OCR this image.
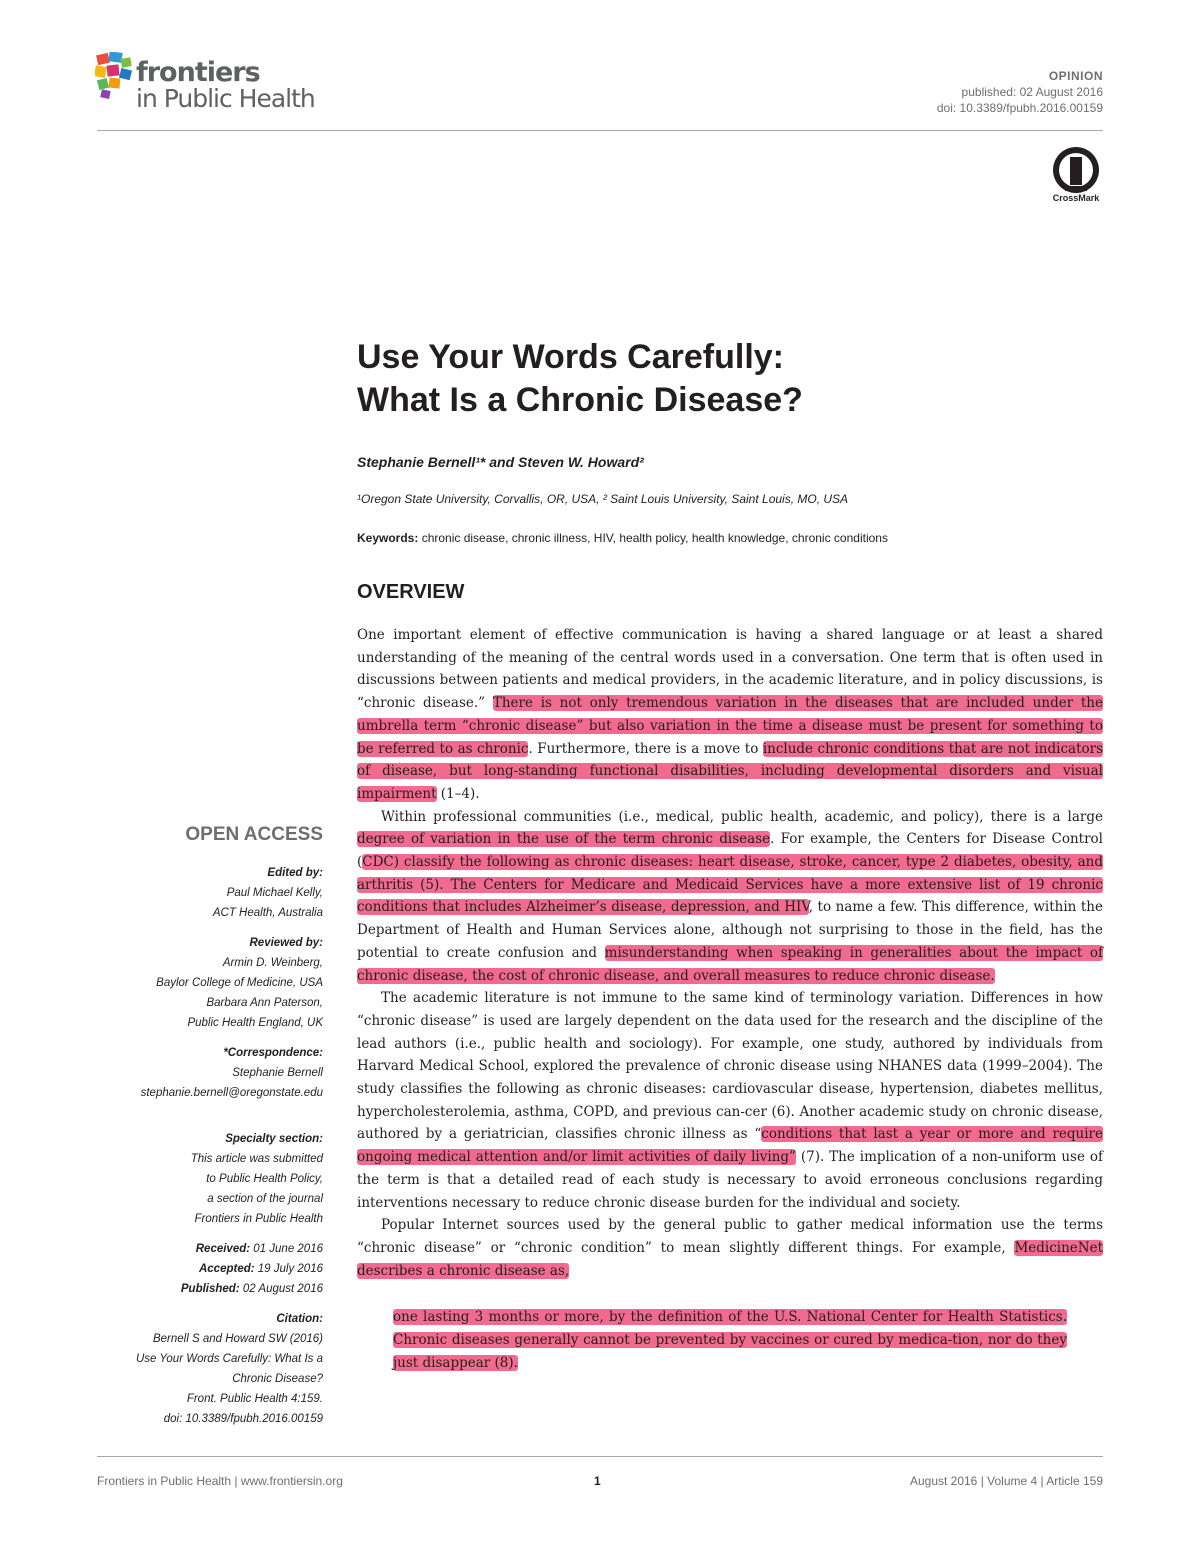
frontiers
in Public Health
OPINION
published: 02 August 2016
doi: 10.3389/fpubh.2016.00159
CrossMark
Use Your Words Carefully:
What Is a Chronic Disease?
Stephanie Bernell¹* and Steven W. Howard²
¹Oregon State University, Corvallis, OR, USA, ² Saint Louis University, Saint Louis, MO, USA
Keywords: chronic disease, chronic illness, HIV, health policy, health knowledge, chronic conditions
OVERVIEW

One important element of effective communication is having a shared language or at least a shared understanding of the meaning of the central words used in a conversation. One term that is often used in discussions between patients and medical providers, in the academic literature, and in policy discussions, is “chronic disease.” There is not only tremendous variation in the diseases that are included under the umbrella term “chronic disease” but also variation in the time a disease must be present for something to be referred to as chronic. Furthermore, there is a move to include chronic conditions that are not indicators of disease, but long-standing functional disabilities, including developmental disorders and visual impairment (1–4).

Within professional communities (i.e., medical, public health, academic, and policy), there is a large degree of variation in the use of the term chronic disease. For example, the Centers for Disease Control (CDC) classify the following as chronic diseases: heart disease, stroke, cancer, type 2 diabetes, obesity, and arthritis (5). The Centers for Medicare and Medicaid Services have a more extensive list of 19 chronic conditions that includes Alzheimer’s disease, depression, and HIV, to name a few. This difference, within the Department of Health and Human Services alone, although not surprising to those in the field, has the potential to create confusion and misunderstanding when speaking in generalities about the impact of chronic disease, the cost of chronic disease, and overall measures to reduce chronic disease.

The academic literature is not immune to the same kind of terminology variation. Differences in how “chronic disease” is used are largely dependent on the data used for the research and the discipline of the lead authors (i.e., public health and sociology). For example, one study, authored by individuals from Harvard Medical School, explored the prevalence of chronic disease using NHANES data (1999–2004). The study classifies the following as chronic diseases: cardiovascular disease, hypertension, diabetes mellitus, hypercholesterolemia, asthma, COPD, and previous can-cer (6). Another academic study on chronic disease, authored by a geriatrician, classifies chronic illness as “conditions that last a year or more and require ongoing medical attention and/or limit activities of daily living” (7). The implication of a non-uniform use of the term is that a detailed read of each study is necessary to avoid erroneous conclusions regarding interventions necessary to reduce chronic disease burden for the individual and society.

Popular Internet sources used by the general public to gather medical information use the terms “chronic disease” or “chronic condition” to mean slightly different things. For example, MedicineNet describes a chronic disease as,

one lasting 3 months or more, by the definition of the U.S. National Center for Health Statistics. Chronic diseases generally cannot be prevented by vaccines or cured by medica-tion, nor do they just disappear (8).

OPEN ACCESS
Edited by:
Paul Michael Kelly,
ACT Health, Australia
Reviewed by:
Armin D. Weinberg,
Baylor College of Medicine, USA
Barbara Ann Paterson,
Public Health England, UK
*Correspondence:
Stephanie Bernell
stephanie.bernell@oregonstate.edu
Specialty section:
This article was submitted
to Public Health Policy,
a section of the journal
Frontiers in Public Health
Received: 01 June 2016
Accepted: 19 July 2016
Published: 02 August 2016
Citation:
Bernell S and Howard SW (2016)
Use Your Words Carefully: What Is a
Chronic Disease?
Front. Public Health 4:159.
doi: 10.3389/fpubh.2016.00159
Frontiers in Public Health | www.frontiersin.org	1	August 2016 | Volume 4 | Article 159
